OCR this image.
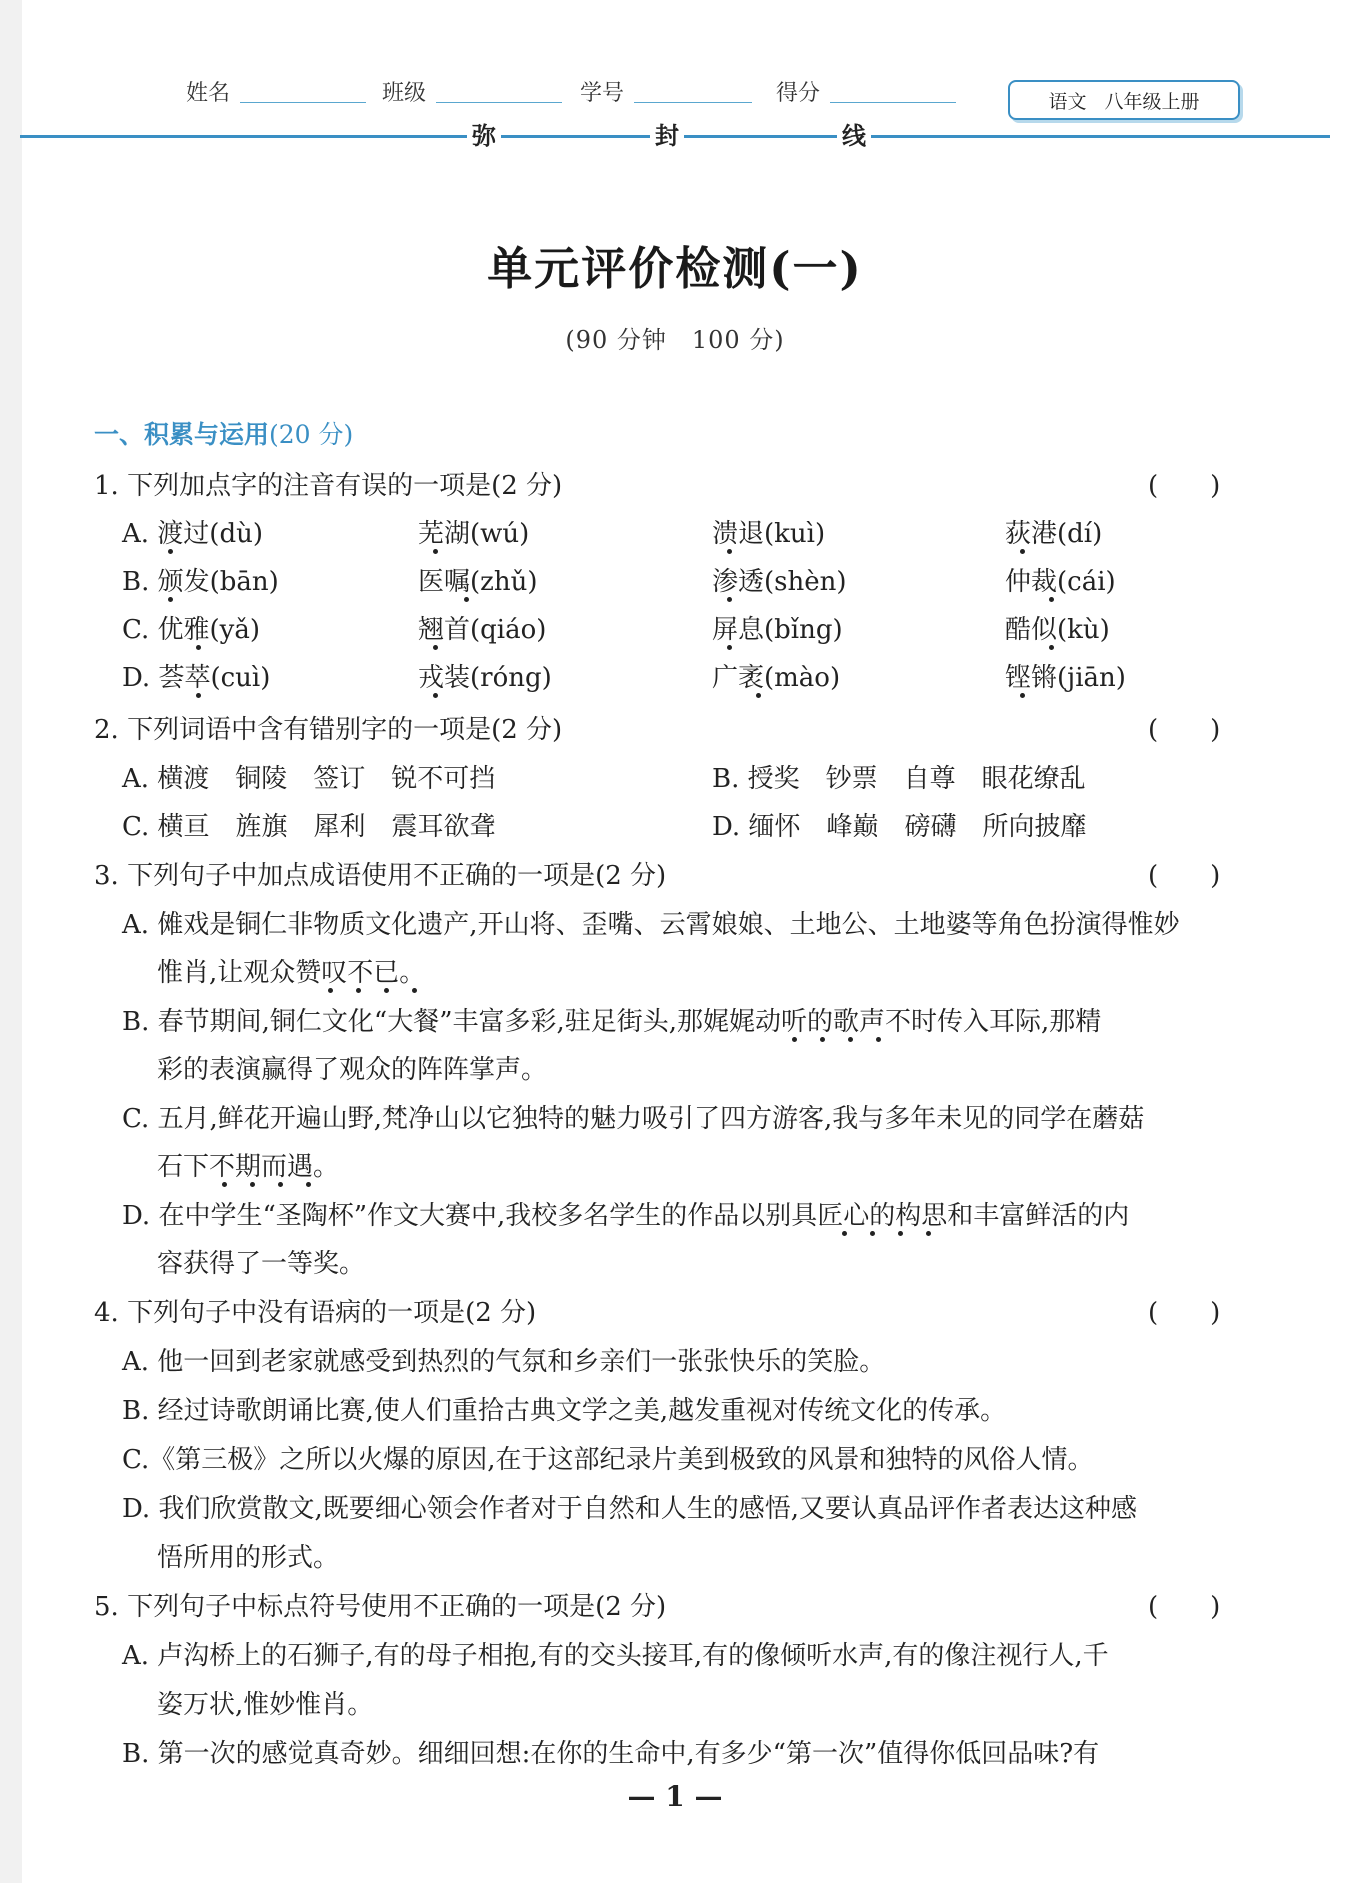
姓名	班级	学号	得分	语文 八年级上册
弥	封	线
单元评价检测(一)
(90 分钟　100 分)
一、积累与运用(20 分)
1. 下列加点字的注音有误的一项是(2 分)	(　　)
A. 渡过(dù)	芜湖(wú)	溃退(kuì)	荻港(dí)
B. 颁发(bān)	医嘱(zhǔ)	渗透(shèn)	仲裁(cái)
C. 优雅(yǎ)	翘首(qiáo)	屏息(bǐng)	酷似(kù)
D. 荟萃(cuì)	戎装(róng)	广袤(mào)	铿锵(jiān)
2. 下列词语中含有错别字的一项是(2 分)	(　　)
A. 横渡　铜陵　签订　锐不可挡	B. 授奖　钞票　自尊　眼花缭乱
C. 横亘　旌旗　犀利　震耳欲聋	D. 缅怀　峰巅　磅礴　所向披靡
3. 下列句子中加点成语使用不正确的一项是(2 分)	(　　)
A. 傩戏是铜仁非物质文化遗产,开山将、歪嘴、云霄娘娘、土地公、土地婆等角色扮演得惟妙
惟肖,让观众赞叹不已。
B. 春节期间,铜仁文化“大餐”丰富多彩,驻足街头,那娓娓动听的歌声不时传入耳际,那精
彩的表演赢得了观众的阵阵掌声。
C. 五月,鲜花开遍山野,梵净山以它独特的魅力吸引了四方游客,我与多年未见的同学在蘑菇
石下不期而遇。
D. 在中学生“圣陶杯”作文大赛中,我校多名学生的作品以别具匠心的构思和丰富鲜活的内
容获得了一等奖。
4. 下列句子中没有语病的一项是(2 分)	(　　)
A. 他一回到老家就感受到热烈的气氛和乡亲们一张张快乐的笑脸。
B. 经过诗歌朗诵比赛,使人们重拾古典文学之美,越发重视对传统文化的传承。
C.《第三极》之所以火爆的原因,在于这部纪录片美到极致的风景和独特的风俗人情。
D. 我们欣赏散文,既要细心领会作者对于自然和人生的感悟,又要认真品评作者表达这种感
悟所用的形式。
5. 下列句子中标点符号使用不正确的一项是(2 分)	(　　)
A. 卢沟桥上的石狮子,有的母子相抱,有的交头接耳,有的像倾听水声,有的像注视行人,千
姿万状,惟妙惟肖。
B. 第一次的感觉真奇妙。细细回想:在你的生命中,有多少“第一次”值得你低回品味?有
— 1 —
